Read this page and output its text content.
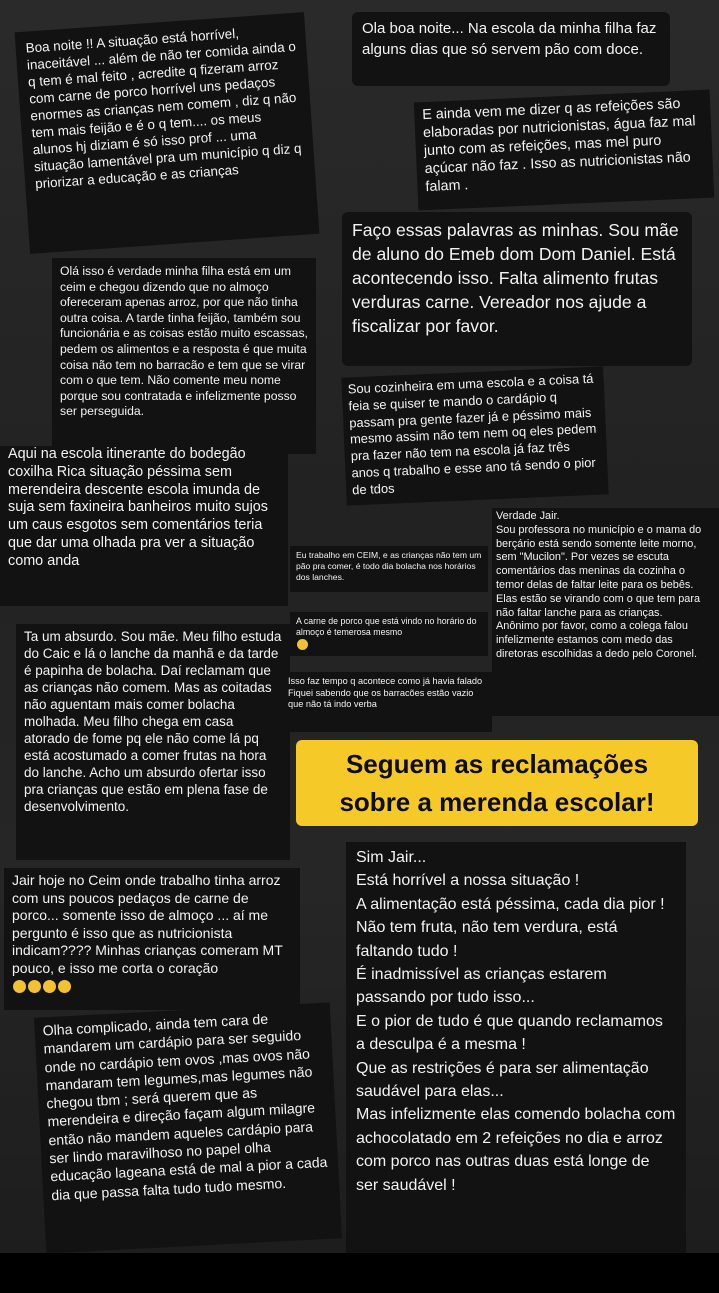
Boa noite !! A situação está horrível, inaceitável ... além de não ter comida ainda o q tem é mal feito , acredite q fizeram arroz com carne de porco horrível uns pedaços enormes as crianças nem comem , diz q não tem mais feijão e é o q tem.... os meus alunos hj diziam é só isso prof ... uma situação lamentável pra um município q diz q priorizar a educação e as crianças

Ola boa noite... Na escola da minha filha faz alguns dias que só servem pão com doce.

E ainda vem me dizer q as refeições são elaboradas por nutricionistas, água faz mal junto com as refeições, mas mel puro açúcar não faz . Isso as nutricionistas não falam .

Faço essas palavras as minhas. Sou mãe de aluno do Emeb dom Dom Daniel. Está acontecendo isso. Falta alimento frutas verduras carne. Vereador nos ajude a fiscalizar por favor.

Olá isso é verdade minha filha está em um ceim e chegou dizendo que no almoço ofereceram apenas arroz, por que não tinha outra coisa. A tarde tinha feijão, também sou funcionária e as coisas estão muito escassas, pedem os alimentos e a resposta é que muita coisa não tem no barracão e tem que se virar com o que tem. Não comente meu nome porque sou contratada e infelizmente posso ser perseguida.

Sou cozinheira em uma escola e a coisa tá feia se quiser te mando o cardápio q passam pra gente fazer já e péssimo mais mesmo assim não tem nem oq eles pedem pra fazer não tem na escola já faz três anos q trabalho e esse ano tá sendo o pior de tdos

Aqui na escola itinerante do bodegão coxilha Rica situação péssima sem merendeira descente escola imunda de suja sem faxineira banheiros muito sujos um caus esgotos sem comentários teria que dar uma olhada pra ver a situação como anda	Eu trabalho em CEIM, e as crianças não tem um pão pra comer, é todo dia bolacha nos horários dos lanches.

Verdade Jair.
Sou professora no município e o mama do berçário está sendo somente leite morno, sem "Mucilon". Por vezes se escuta comentários das meninas da cozinha o temor delas de faltar leite para os bebês. Elas estão se virando com o que tem para não faltar lanche para as crianças.
Anônimo por favor, como a colega falou infelizmente estamos com medo das diretoras escolhidas a dedo pelo Coronel.

A carne de porco que está vindo no horário do almoço é temerosa mesmo

Ta um absurdo. Sou mãe. Meu filho estuda do Caic e lá o lanche da manhã e da tarde é papinha de bolacha. Daí reclamam que as crianças não comem. Mas as coitadas não aguentam mais comer bolacha molhada. Meu filho chega em casa atorado de fome pq ele não come lá pq está acostumado a comer frutas na hora do lanche. Acho um absurdo ofertar isso pra crianças que estão em plena fase de desenvolvimento.

Isso faz tempo q acontece como já havia falado
Fiquei sabendo que os barracões estão vazio que não tá indo verba

Seguem as reclamações
sobre a merenda escolar!

Sim Jair...
Está horrível a nossa situação !
A alimentação está péssima, cada dia pior !
Não tem fruta, não tem verdura, está faltando tudo !
É inadmissível as crianças estarem passando por tudo isso...
E o pior de tudo é que quando reclamamos a desculpa é a mesma !
Que as restrições é para ser alimentação saudável para elas...
Mas infelizmente elas comendo bolacha com achocolatado em 2 refeições no dia e arroz com porco nas outras duas está longe de ser saudável !

Jair hoje no Ceim onde trabalho tinha arroz com uns poucos pedaços de carne de porco... somente isso de almoço ... aí me pergunto é isso que as nutricionista indicam???? Minhas crianças comeram MT pouco, e isso me corta o coração

Olha complicado, ainda tem cara de mandarem um cardápio para ser seguido onde no cardápio tem ovos ,mas ovos não mandaram tem legumes,mas legumes não chegou tbm ; será querem que as merendeira e direção façam algum milagre então não mandem aqueles cardápio para ser lindo maravilhoso no papel olha educação lageana está de mal a pior a cada dia que passa falta tudo tudo mesmo.
